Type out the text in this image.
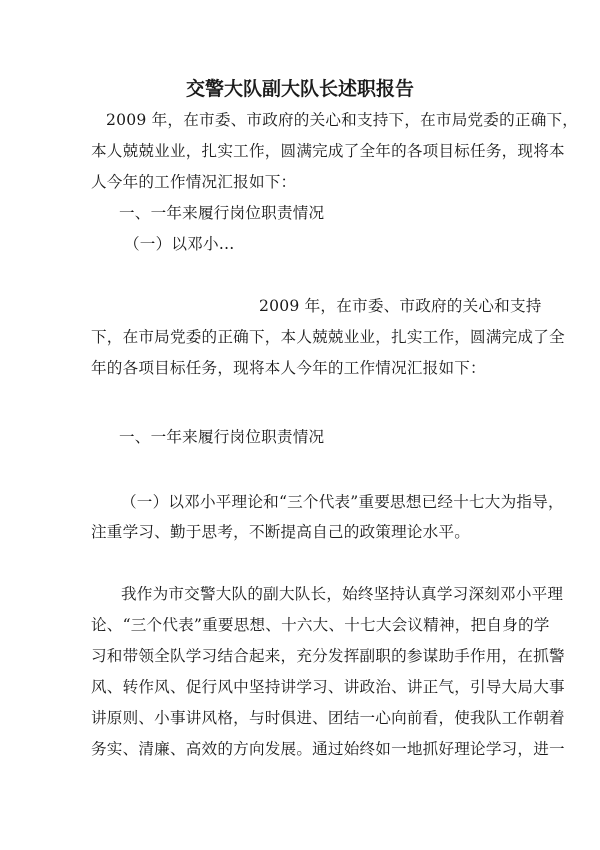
交警大队副大队长述职报告
2009 年，在市委、市政府的关心和支持下，在市局党委的正确下，
本人兢兢业业，扎实工作，圆满完成了全年的各项目标任务，现将本
人今年的工作情况汇报如下：
一、一年来履行岗位职责情况
（一）以邓小…
2009 年，在市委、市政府的关心和支持
下，在市局党委的正确下，本人兢兢业业，扎实工作，圆满完成了全
年的各项目标任务，现将本人今年的工作情况汇报如下：
一、一年来履行岗位职责情况
（一）以邓小平理论和“三个代表”重要思想已经十七大为指导，
注重学习、勤于思考，不断提高自己的政策理论水平。
我作为市交警大队的副大队长，始终坚持认真学习深刻邓小平理
论、“三个代表”重要思想、十六大、十七大会议精神，把自身的学
习和带领全队学习结合起来，充分发挥副职的参谋助手作用，在抓警
风、转作风、促行风中坚持讲学习、讲政治、讲正气，引导大局大事
讲原则、小事讲风格，与时俱进、团结一心向前看，使我队工作朝着
务实、清廉、高效的方向发展。通过始终如一地抓好理论学习，进一
